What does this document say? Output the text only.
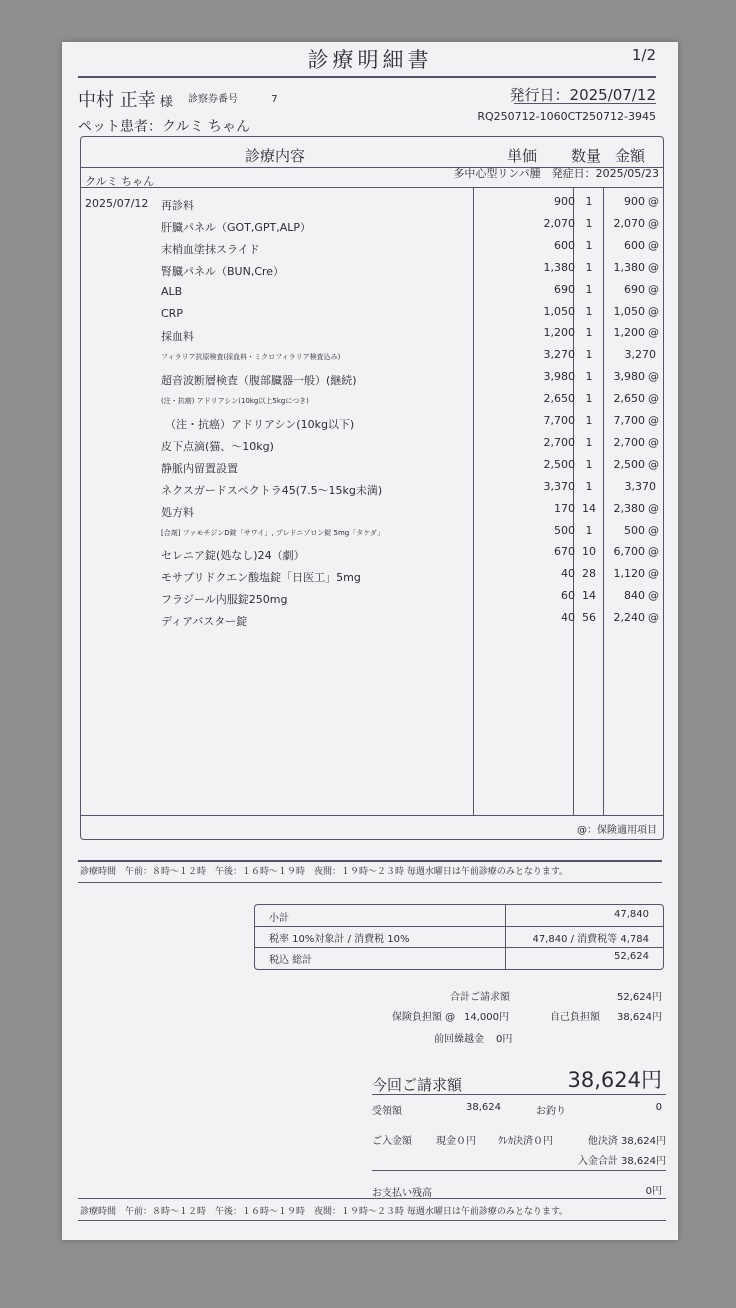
診療明細書	1/2
中村 正幸 様 診察券番号	7	発行日：2025/07/12
RQ250712-1060CT250712-3945
ペット患者：クルミ ちゃん
診療内容	単価 数量 金額
クルミ ちゃん
多中心型リンパ腫　発症日：2025/05/23
2025/07/12 再診料	900 1	900 @
肝臓パネル（GOT,GPT,ALP）	2,070 1	2,070 @
末梢血塗抹スライド	600 1	600 @
腎臓パネル（BUN,Cre）	1,380 1	1,380 @
ALB	690 1	690 @
CRP	1,050 1	1,050 @
採血料	1,200 1	1,200 @
フィラリア抗原検査(採血料・ミクロフィラリア検査込み)	3,270 1	3,270
超音波断層検査（腹部臓器一般）(継続)	3,980 1	3,980 @
(注・抗癌) アドリアシン(10kg以上5kgにつき)	2,650 1	2,650 @
（注・抗癌）アドリアシン(10kg以下)	7,700 1	7,700 @
皮下点滴(猫、～10kg)	2,700 1	2,700 @
静脈内留置設置	2,500 1	2,500 @
ネクスガードスペクトラ45(7.5～15kg未満)	3,370 1	3,370
処方料	170 14	2,380 @
[合剤] ファモチジンD錠「サワイ」, プレドニゾロン錠 5mg「タケダ」	500 1	500 @
セレニア錠(処なし)24（劇）	670 10	6,700 @
モサプリドクエン酸塩錠「日医工」5mg	40 28	1,120 @
フラジール内服錠250mg	60 14	840 @
ディアバスター錠	40 56	2,240 @
@：保険適用項目
診療時間　午前：８時～１２時　午後：１６時～１９時　夜間：１９時～２３時 毎週水曜日は午前診療のみとなります。
小計	47,840
税率 10%対象計 / 消費税 10%	47,840 / 消費税等 4,784
税込 総計	52,624
合計ご請求額	52,624円
保険負担額 @ 14,000円	自己負担額 38,624円
前回繰越金 0円
今回ご請求額	38,624円
受領額	38,624	お釣り	0
ご入金額 現金０円 ｸﾚｶ決済０円	他決済 38,624円
入金合計 38,624円
お支払い残高	0円
診療時間　午前：８時～１２時　午後：１６時～１９時　夜間：１９時～２３時 毎週水曜日は午前診療のみとなります。
